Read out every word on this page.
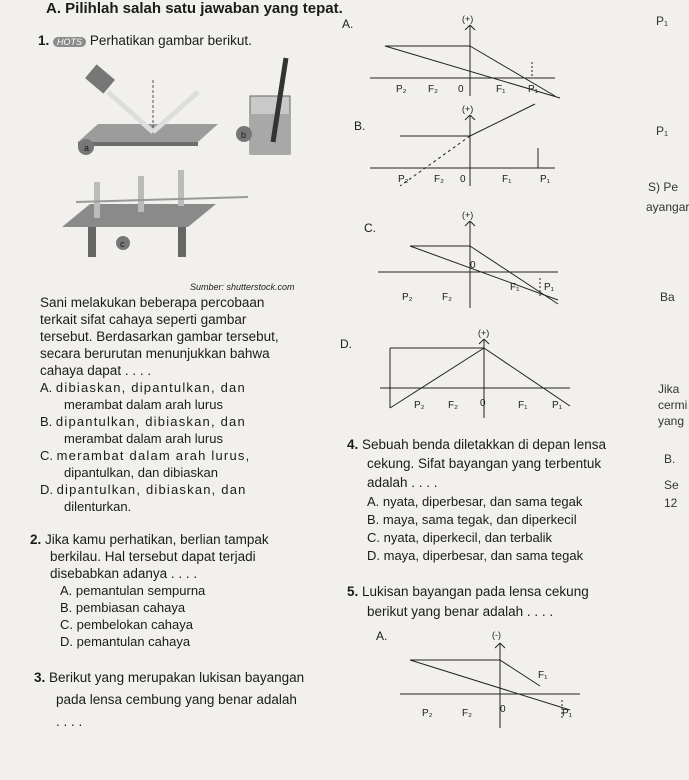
A. Pilihlah salah satu jawaban yang tepat.
1. HOTS Perhatikan gambar berikut.
a
b
c
Sumber: shutterstock.com
Sani melakukan beberapa percobaan
terkait sifat cahaya seperti gambar
tersebut. Berdasarkan gambar tersebut,
secara berurutan menunjukkan bahwa
cahaya dapat . . . .
A. dibiaskan, dipantulkan, dan
merambat dalam arah lurus
B. dipantulkan, dibiaskan, dan
merambat dalam arah lurus
C. merambat dalam arah lurus,
dipantulkan, dan dibiaskan
D. dipantulkan, dibiaskan, dan
dilenturkan.
2. Jika kamu perhatikan, berlian tampak
berkilau. Hal tersebut dapat terjadi
disebabkan adanya . . . .
A. pemantulan sempurna
B. pembiasan cahaya
C. pembelokan cahaya
D. pemantulan cahaya
3. Berikut yang merupakan lukisan bayangan
pada lensa cembung yang benar adalah
. . . .
A.	(+)
P₂ F₂ 0	F₁ P₁
B.
(+)
P₂	F₂ 0	F₁	P₁
C.
(+)
P₂	F₂
0
F₁ P₁
D.
(+)
P₂ F₂ 0	F₁ P₁
4. Sebuah benda diletakkan di depan lensa
cekung. Sifat bayangan yang terbentuk
adalah . . . .
A. nyata, diperbesar, dan sama tegak
B. maya, sama tegak, dan diperkecil
C. nyata, diperkecil, dan terbalik
D. maya, diperbesar, dan sama tegak
5. Lukisan bayangan pada lensa cekung
berikut yang benar adalah . . . .
A.	(-)
P₂	F₂	0
F₁
P₁
P₁
P₁
S) Pe
ayangar
Ba
Jika
cermi
yang
B.
Se
12
